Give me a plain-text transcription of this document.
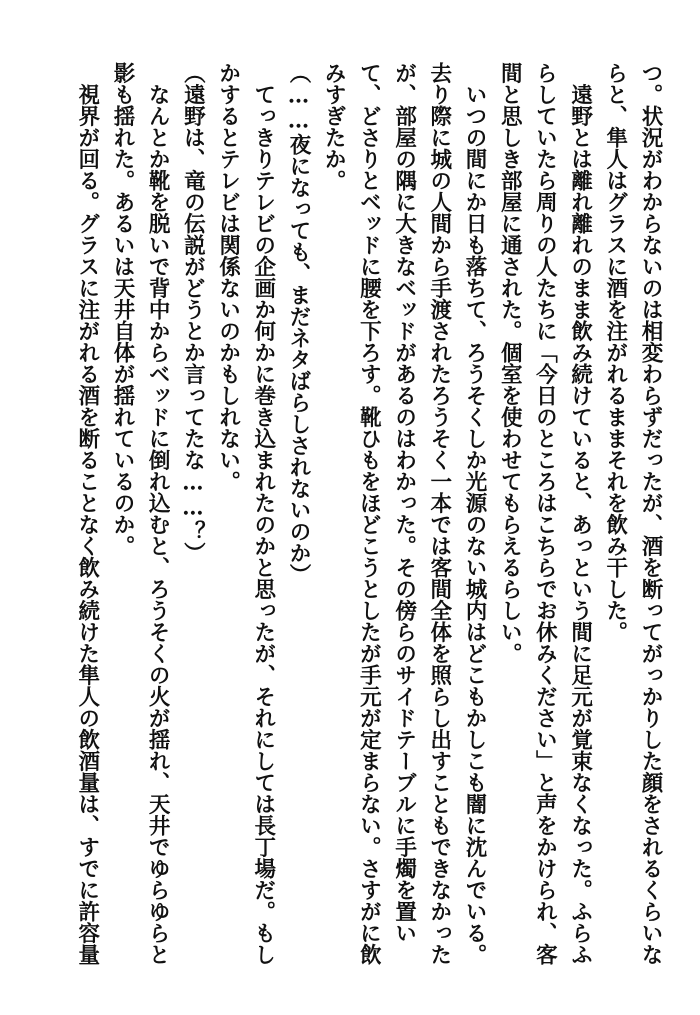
つ。状況がわからないのは相変わらずだったが、酒を断ってがっかりした顔をされるくらいな

らと、隼人はグラスに酒を注がれるままそれを飲み干した。

　遠野とは離れ離れのまま飲み続けていると、あっという間に足元が覚束なくなった。ふらふ

らしていたら周りの人たちに「今日のところはこちらでお休みください」と声をかけられ、客

間と思しき部屋に通された。個室を使わせてもらえるらしい。

　いつの間にか日も落ちて、ろうそくしか光源のない城内はどこもかしこも闇に沈んでいる。

去り際に城の人間から手渡されたろうそく一本では客間全体を照らし出すこともできなかった

が、部屋の隅に大きなベッドがあるのはわかった。その傍らのサイドテーブルに手燭を置い

て、どさりとベッドに腰を下ろす。靴ひもをほどこうとしたが手元が定まらない。さすがに飲

みすぎたか。

（……夜になっても、まだネタばらしされないのか）

　てっきりテレビの企画か何かに巻き込まれたのかと思ったが、それにしては長丁場だ。もし

かするとテレビは関係ないのかもしれない。

（遠野は、竜の伝説がどうとか言ってたな……？）

　なんとか靴を脱いで背中からベッドに倒れ込むと、ろうそくの火が揺れ、天井でゆらゆらと

影も揺れた。あるいは天井自体が揺れているのか。

　視界が回る。グラスに注がれる酒を断ることなく飲み続けた隼人の飲酒量は、すでに許容量
